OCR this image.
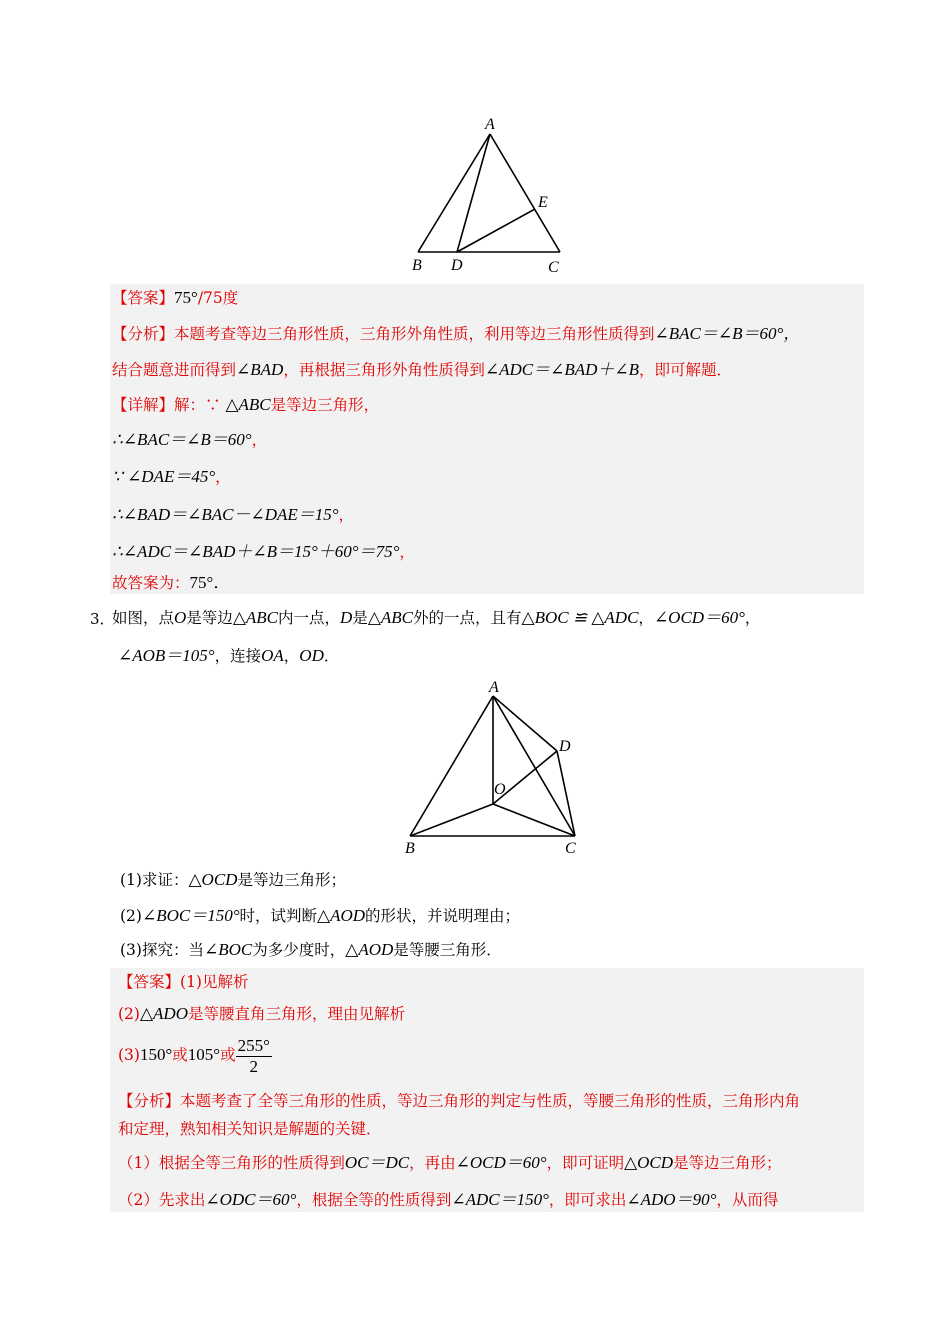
A
B D	C
E
【答案】75°/75度
【分析】本题考查等边三角形性质，三角形外角性质，利用等边三角形性质得到∠BAC＝∠B＝60°，
结合题意进而得到∠BAD，再根据三角形外角性质得到∠ADC＝∠BAD＋∠B，即可解题．
【详解】解：∵ △ABC是等边三角形，
∴∠BAC＝∠B＝60°，
∵ ∠DAE＝45°，
∴∠BAD＝∠BAC－∠DAE＝15°，
∴∠ADC＝∠BAD＋∠B＝15°＋60°＝75°，
故答案为：75°．
3．
如图，点O是等边△ABC内一点，D是△ABC外的一点，且有△BOC ≌ △ADC，∠OCD＝60°，
∠AOB＝105°，连接OA，OD．
A
B	C
D
O
(1)求证：△OCD是等边三角形；
(2)∠BOC＝150°时，试判断△AOD的形状，并说明理由；
(3)探究：当∠BOC为多少度时，△AOD是等腰三角形．
【答案】(1)见解析
(2)△ADO是等腰直角三角形，理由见解析
(3)150°或105°或 $\frac{255^\circ}{2}$
【分析】本题考查了全等三角形的性质，等边三角形的判定与性质，等腰三角形的性质，三角形内角
和定理，熟知相关知识是解题的关键．
（1）根据全等三角形的性质得到OC＝DC，再由∠OCD＝60°，即可证明△OCD是等边三角形；
（2）先求出∠ODC＝60°，根据全等的性质得到∠ADC＝150°，即可求出∠ADO＝90°，从而得
